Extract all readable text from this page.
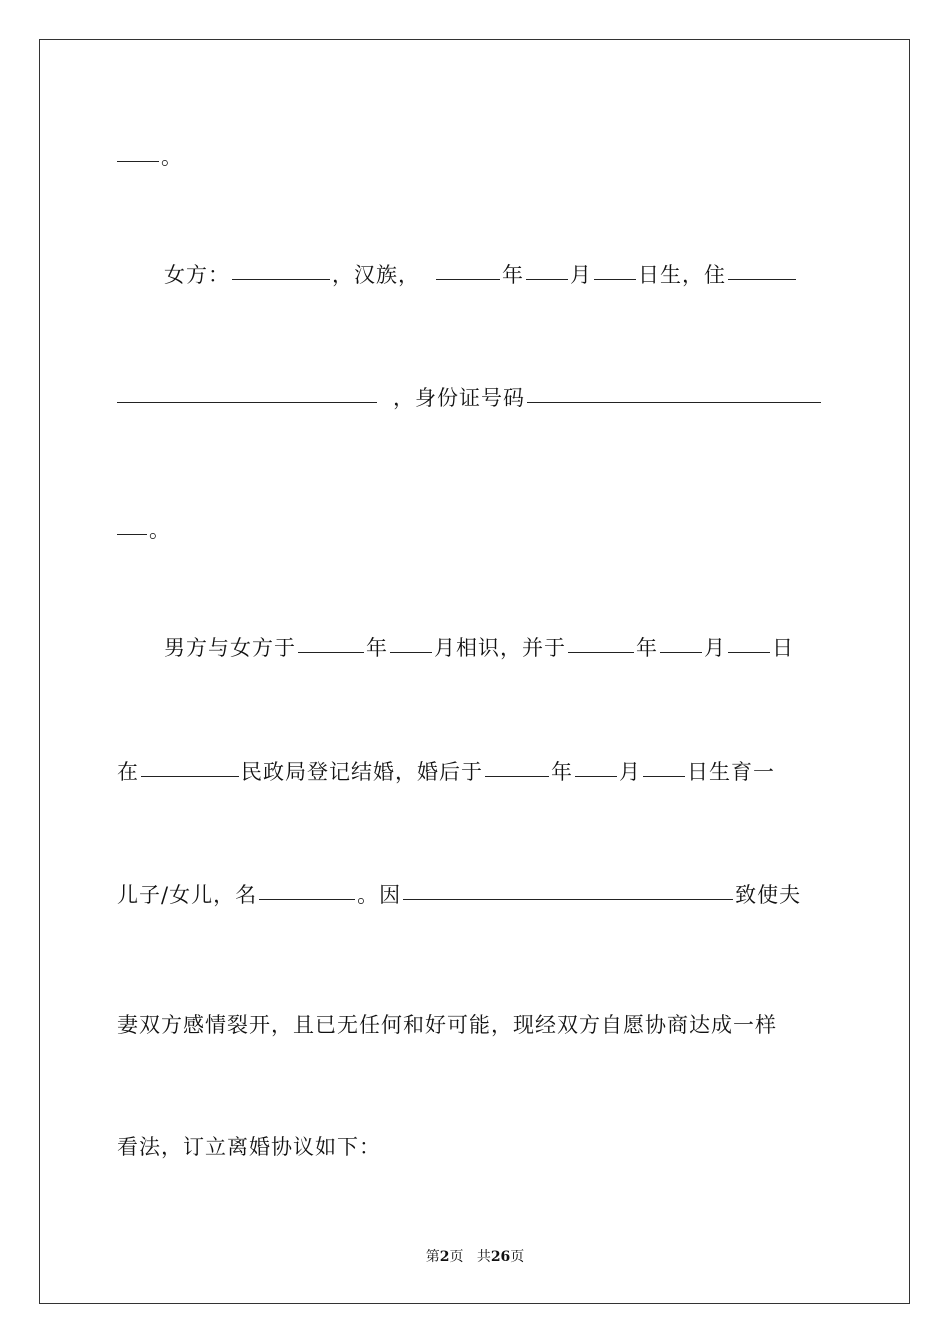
。
女方：	，汉族，	年 月 日生，住
，身份证号码
。
男方与女方于	年 月相识，并于	年 月 日
在	民政局登记结婚，婚后于	年 月 日生育一
儿子/女儿，名	。因	致使夫
妻双方感情裂开，且已无任何和好可能，现经双方自愿协商达成一样
看法，订立离婚协议如下：
第2页 共26页
